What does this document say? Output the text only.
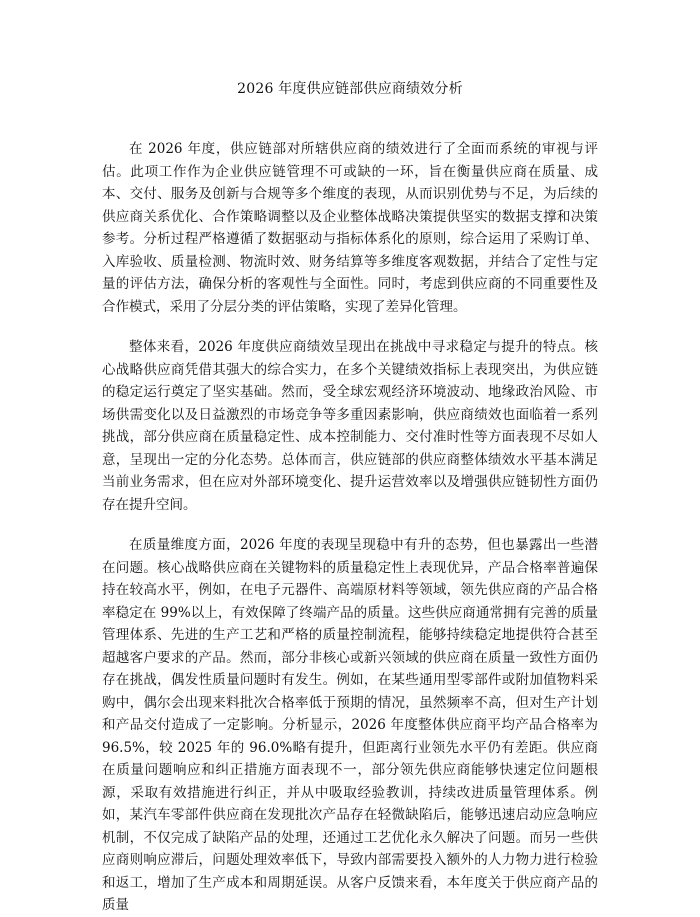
2026 年度供应链部供应商绩效分析

在 2026 年度，供应链部对所辖供应商的绩效进行了全面而系统的审视与评估。此项工作作为企业供应链管理不可或缺的一环，旨在衡量供应商在质量、成本、交付、服务及创新与合规等多个维度的表现，从而识别优势与不足，为后续的供应商关系优化、合作策略调整以及企业整体战略决策提供坚实的数据支撑和决策参考。分析过程严格遵循了数据驱动与指标体系化的原则，综合运用了采购订单、入库验收、质量检测、物流时效、财务结算等多维度客观数据，并结合了定性与定量的评估方法，确保分析的客观性与全面性。同时，考虑到供应商的不同重要性及合作模式，采用了分层分类的评估策略，实现了差异化管理。

整体来看，2026 年度供应商绩效呈现出在挑战中寻求稳定与提升的特点。核心战略供应商凭借其强大的综合实力，在多个关键绩效指标上表现突出，为供应链的稳定运行奠定了坚实基础。然而，受全球宏观经济环境波动、地缘政治风险、市场供需变化以及日益激烈的市场竞争等多重因素影响，供应商绩效也面临着一系列挑战，部分供应商在质量稳定性、成本控制能力、交付准时性等方面表现不尽如人意，呈现出一定的分化态势。总体而言，供应链部的供应商整体绩效水平基本满足当前业务需求，但在应对外部环境变化、提升运营效率以及增强供应链韧性方面仍存在提升空间。

在质量维度方面，2026 年度的表现呈现稳中有升的态势，但也暴露出一些潜在问题。核心战略供应商在关键物料的质量稳定性上表现优异，产品合格率普遍保持在较高水平，例如，在电子元器件、高端原材料等领域，领先供应商的产品合格率稳定在 99%以上，有效保障了终端产品的质量。这些供应商通常拥有完善的质量管理体系、先进的生产工艺和严格的质量控制流程，能够持续稳定地提供符合甚至超越客户要求的产品。然而，部分非核心或新兴领域的供应商在质量一致性方面仍存在挑战，偶发性质量问题时有发生。例如，在某些通用型零部件或附加值物料采购中，偶尔会出现来料批次合格率低于预期的情况，虽然频率不高，但对生产计划和产品交付造成了一定影响。分析显示，2026 年度整体供应商平均产品合格率为 96.5%，较 2025 年的 96.0%略有提升，但距离行业领先水平仍有差距。供应商在质量问题响应和纠正措施方面表现不一，部分领先供应商能够快速定位问题根源，采取有效措施进行纠正，并从中吸取经验教训，持续改进质量管理体系。例如，某汽车零部件供应商在发现批次产品存在轻微缺陷后，能够迅速启动应急响应机制，不仅完成了缺陷产品的处理，还通过工艺优化永久解决了问题。而另一些供应商则响应滞后，问题处理效率低下，导致内部需要投入额外的人力物力进行检验和返工，增加了生产成本和周期延误。从客户反馈来看，本年度关于供应商产品的质量
